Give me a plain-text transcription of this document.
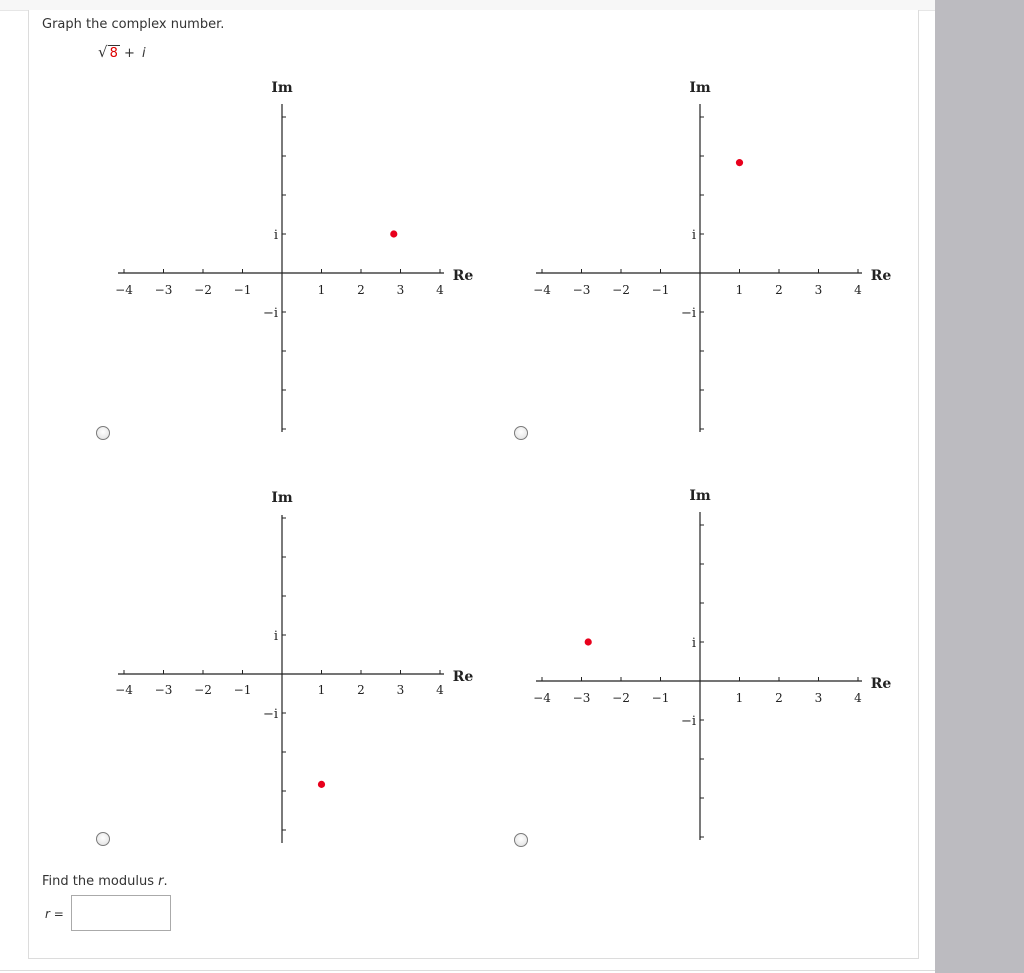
Graph the complex number.
√ 8 + i
−4 −3 −2 −1	1	2	3	4
i
−i
Im
Re
−4 −3 −2 −1	1	2	3	4
i
−i
Im
Re
−4 −3 −2 −1	1	2	3	4
i
−i
Im
Re
−4 −3 −2 −1	1	2	3	4
i
−i
Im
Re
Find the modulus r.
r =
